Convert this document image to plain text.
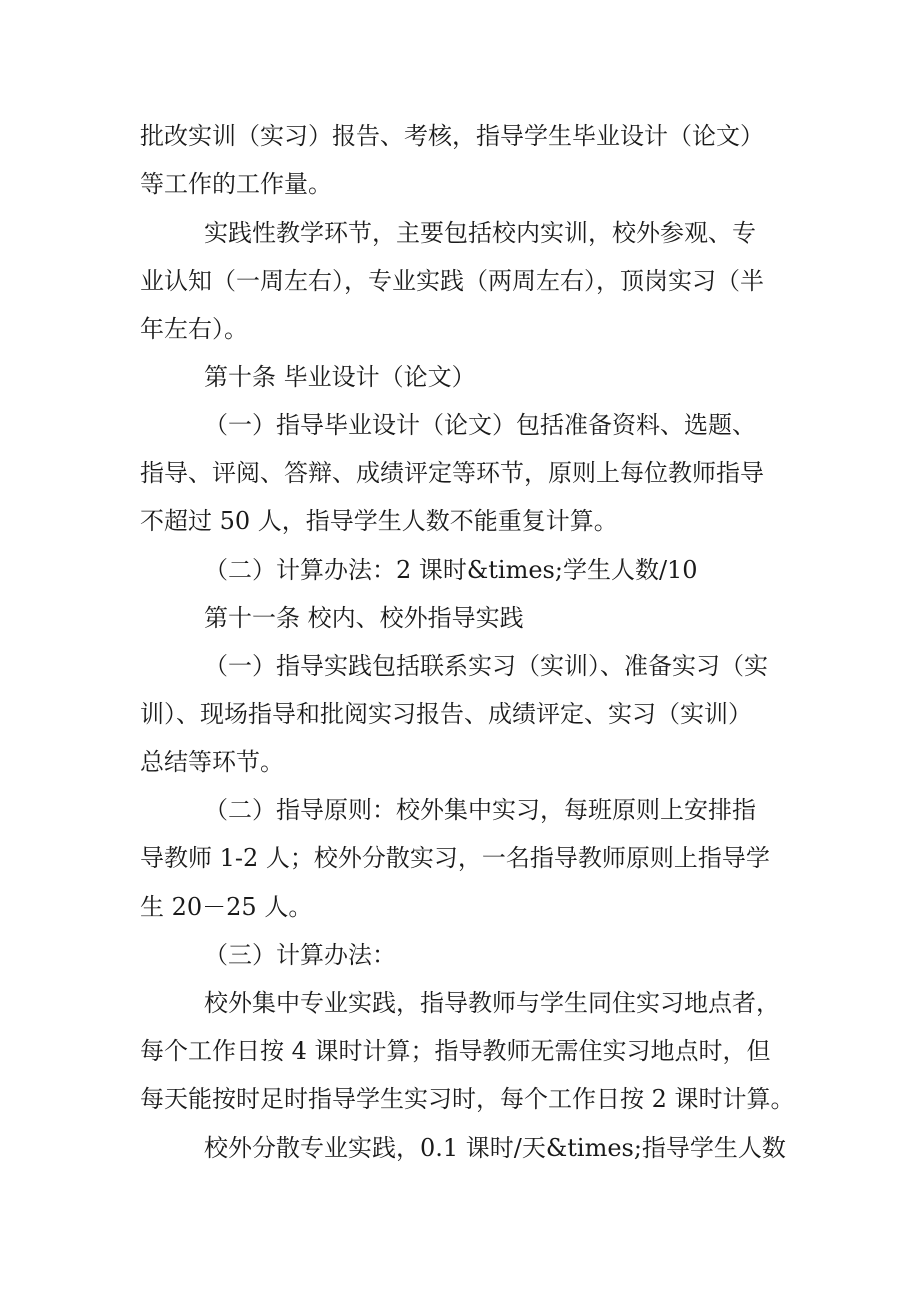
批改实训（实习）报告、考核，指导学生毕业设计（论文）
等工作的工作量。
实践性教学环节，主要包括校内实训，校外参观、专
业认知（一周左右），专业实践（两周左右），顶岗实习（半
年左右）。
第十条 毕业设计（论文）
（一）指导毕业设计（论文）包括准备资料、选题、
指导、评阅、答辩、成绩评定等环节，原则上每位教师指导
不超过 50 人，指导学生人数不能重复计算。
（二）计算办法：2 课时&times;学生人数/10
第十一条 校内、校外指导实践
（一）指导实践包括联系实习（实训）、准备实习（实
训）、现场指导和批阅实习报告、成绩评定、实习（实训）
总结等环节。
（二）指导原则：校外集中实习，每班原则上安排指
导教师 1-2 人；校外分散实习，一名指导教师原则上指导学
生 20－25 人。
（三）计算办法：
校外集中专业实践，指导教师与学生同住实习地点者，
每个工作日按 4 课时计算；指导教师无需住实习地点时，但
每天能按时足时指导学生实习时，每个工作日按 2 课时计算。
校外分散专业实践，0.1 课时/天&times;指导学生人数
